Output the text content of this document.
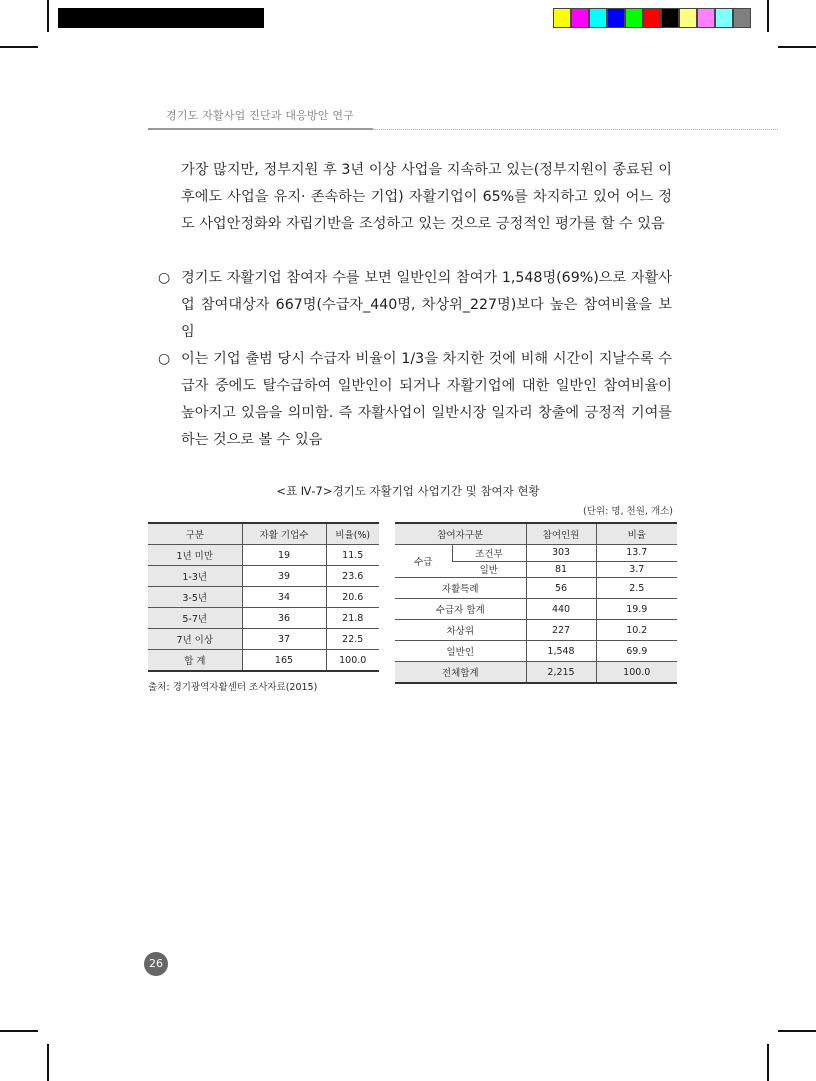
경기도 자활사업 진단과 대응방안 연구
가장 많지만, 정부지원 후 3년 이상 사업을 지속하고 있는(정부지원이 종료된 이후에도 사업을 유지· 존속하는 기업) 자활기업이 65%를 차지하고 있어 어느 정도 사업안정화와 자립기반을 조성하고 있는 것으로 긍정적인 평가를 할 수 있음
○ 경기도 자활기업 참여자 수를 보면 일반인의 참여가 1,548명(69%)으로 자활사업 참여대상자 667명(수급자_440명, 차상위_227명)보다 높은 참여비율을 보임
○ 이는 기업 출범 당시 수급자 비율이 1/3을 차지한 것에 비해 시간이 지날수록 수급자 중에도 탈수급하여 일반인이 되거나 자활기업에 대한 일반인 참여비율이 높아지고 있음을 의미함. 즉 자활사업이 일반시장 일자리 창출에 긍정적 기여를 하는 것으로 볼 수 있음
<표 Ⅳ-7>경기도 자활기업 사업기간 및 참여자 현황
(단위: 명, 천원, 개소)
구분	자활 기업수	비율(%)
1년 미만	19	11.5
1-3년	39	23.6
3-5년	34	20.6
5-7년	36	21.8
7년 이상	37	22.5
합 계	165	100.0
참여자구분		참여인원	비율
수급	조건부	303	13.7
	일반	81	3.7
자활특례		56	2.5
수급자 합계		440	19.9
차상위		227	10.2
일반인		1,548	69.9
전체합계		2,215	100.0
출처: 경기광역자활센터 조사자료(2015)
26
